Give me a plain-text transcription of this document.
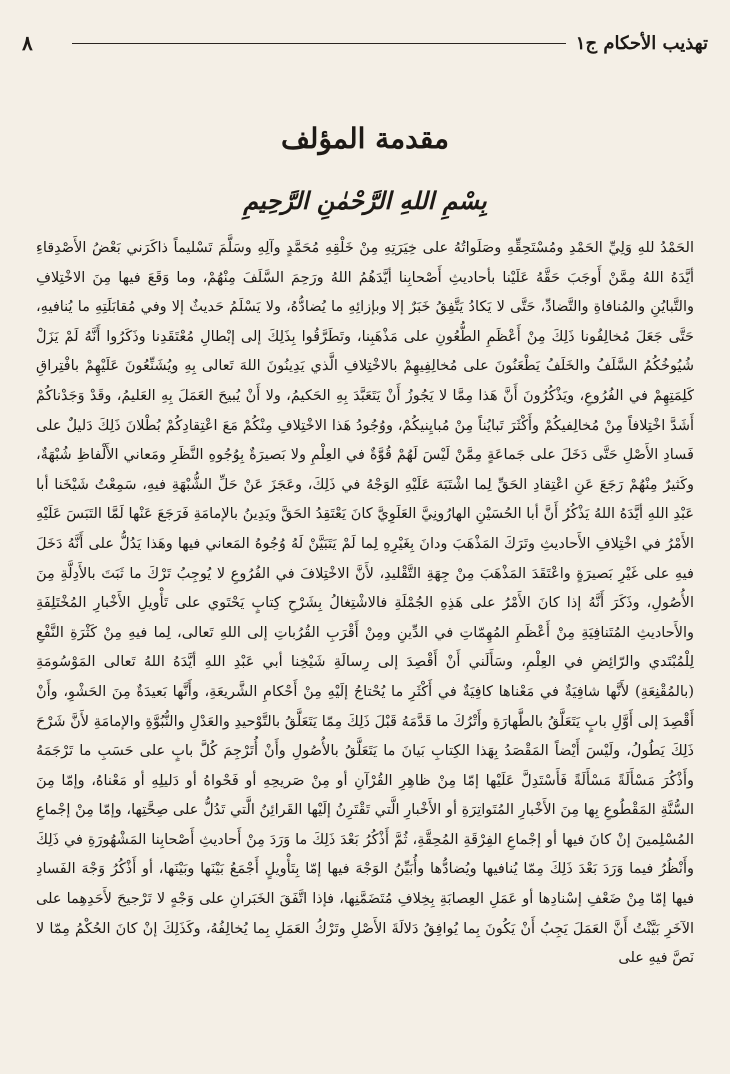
٨	تهذيب الأحكام ج١
مقدمة المؤلف
بِسْمِ اللهِ الرَّحْمٰنِ الرَّحِيمِ

الحَمْدُ للهِ وَلِيِّ الحَمْدِ ومُسْتَحِقِّهِ وصَلَواتُهُ على خِيَرَتِهِ مِنْ خَلْقِهِ مُحَمَّدٍ وآلِهِ وسَلَّمَ تَسْليماً ذاكَرَني بَعْضُ الأَصْدِقاءِ أيَّدَهُ اللهُ مِمَّنْ أَوجَبَ حَقَّهُ عَلَيْنا بأحاديثِ أَصْحابِنا أيَّدَهُمُ اللهُ ورَحِمَ السَّلَفَ مِنْهُمْ، وما وَقَعَ فيها مِنَ الاخْتِلافِ والتَّبايُنِ والمُنافاةِ والتَّضادِّ، حَتَّى لا يَكادُ يَتَّفِقُ خَبَرٌ إلا وبإزائِهِ ما يُضادُّهُ، ولا يَسْلَمُ حَديثٌ إلا وفي مُقابَلَتِهِ ما يُنافيهِ، حَتَّى جَعَلَ مُخالِفُونا ذَلِكَ مِنْ أَعْظَمِ الطُّعُونِ على مَذْهَبِنا، وتَطَرَّقُوا بِذَلِكَ إلى إبْطالِ مُعْتَقَدِنا وذَكَرُوا أَنَّهُ لَمْ يَزَلْ شُيُوخُكُمُ السَّلَفُ والخَلَفُ يَطْعَنُونَ على مُخالِفِيهِمْ بالاخْتِلافِ الَّذي يَدِينُونَ اللهَ تَعالى بِهِ ويُشَنِّعُونَ عَلَيْهِمْ بافْتِراقِ كَلِمَتِهِمْ في الفُرُوعِ، ويَذْكُرُونَ أَنَّ هَذا مِمَّا لا يَجُوزُ أَنْ يَتَعَبَّدَ بِهِ الحَكيمُ، ولا أَنْ يُبيحَ العَمَلَ بِهِ العَليمُ، وقَدْ وَجَدْناكُمْ أَشَدَّ اخْتِلافاً مِنْ مُخالِفيكُمْ وأَكْثَرَ تَبايُناً مِنْ مُبايِنيكُمْ، ووُجُودُ هَذا الاخْتِلافِ مِنْكُمْ مَعَ اعْتِقادِكُمْ بُطْلانَ ذَلِكَ دَليلٌ على فَسادِ الأَصْلِ حَتَّى دَخَلَ على جَماعَةٍ مِمَّنْ لَيْسَ لَهُمْ قُوَّةٌ في العِلْمِ ولا بَصيرَةٌ بِوُجُوهِ النَّظَرِ ومَعاني الأَلْفاظِ شُبْهَةٌ، وكَثيرٌ مِنْهُمْ رَجَعَ عَنِ اعْتِقادِ الحَقِّ لِما اشْتَبَهَ عَلَيْهِ الوَجْهُ في ذَلِكَ، وعَجَزَ عَنْ حَلِّ الشُّبْهَةِ فيهِ، سَمِعْتُ شَيْخَنا أبا عَبْدِ اللهِ أيَّدَهُ اللهُ يَذْكُرُ أَنَّ أبا الحُسَيْنِ الهارُونِيَّ العَلَوِيَّ كانَ يَعْتَقِدُ الحَقَّ ويَدِينُ بالإمامَةِ فَرَجَعَ عَنْها لَمَّا التَبَسَ عَلَيْهِ الأَمْرُ في اخْتِلافِ الأَحاديثِ وتَرَكَ المَذْهَبَ ودانَ بِغَيْرِهِ لِما لَمْ يَتَبَيَّنْ لَهُ وُجُوهُ المَعاني فيها وهَذا يَدُلُّ على أَنَّهُ دَخَلَ فيهِ على غَيْرِ بَصيرَةٍ واعْتَقَدَ المَذْهَبَ مِنْ جِهَةِ التَّقْليدِ، لأَنَّ الاخْتِلافَ في الفُرُوعِ لا يُوجِبُ تَرْكَ ما ثَبَتَ بالأَدِلَّةِ مِنَ الأُصُولِ، وذَكَرَ أَنَّهُ إذا كانَ الأَمْرُ على هَذِهِ الجُمْلَةِ فالاشْتِغالُ بِشَرْحِ كِتابٍ يَحْتَوي على تَأْويلِ الأَخْبارِ المُخْتَلِفَةِ والأَحاديثِ المُتَنافِيَةِ مِنْ أَعْظَمِ المُهِمّاتِ في الدِّينِ ومِنْ أَقْرَبِ القُرُباتِ إلى اللهِ تَعالى، لِما فيهِ مِنْ كَثْرَةِ النَّفْعِ لِلْمُبْتَدي والرّائِضِ في العِلْمِ، وسَأَلَني أَنْ أَقْصِدَ إلى رِسالَةِ شَيْخِنا أبي عَبْدِ اللهِ أيَّدَهُ اللهُ تَعالى المَوْسُومَةِ (بالمُقْنِعَةِ) لأَنَّها شافِيَةٌ في مَعْناها كافِيَةٌ في أَكْثَرِ ما يُحْتاجُ إلَيْهِ مِنْ أَحْكامِ الشَّريعَةِ، وأَنَّها بَعيدَةٌ مِنَ الحَشْوِ، وأَنْ أَقْصِدَ إلى أَوَّلِ بابٍ يَتَعَلَّقُ بالطَّهارَةِ وأَتْرُكَ ما قَدَّمَهُ قَبْلَ ذَلِكَ مِمّا يَتَعَلَّقُ بالتَّوْحيدِ والعَدْلِ والنُّبُوَّةِ والإمامَةِ لأَنَّ شَرْحَ ذَلِكَ يَطُولُ، ولَيْسَ أَيْضاً المَقْصَدُ بِهَذا الكِتابِ بَيانَ ما يَتَعَلَّقُ بالأُصُولِ وأَنْ أُتَرْجِمَ كُلَّ بابٍ على حَسَبِ ما تَرْجَمَهُ وأَذْكُرَ مَسْأَلَةً مَسْأَلَةً فَأَسْتَدِلَّ عَلَيْها إمّا مِنْ ظاهِرِ القُرْآنِ أو مِنْ صَريحِهِ أو فَحْواهُ أو دَليلِهِ أو مَعْناهُ، وإمّا مِنَ السُّنَّةِ المَقْطُوعِ بِها مِنَ الأَخْبارِ المُتَواتِرَةِ أو الأَخْبارِ الَّتي تَقْتَرِنُ إلَيْها القَرائِنُ الَّتي تَدُلُّ على صِحَّتِها، وإمّا مِنْ إجْماعِ المُسْلِمينَ إنْ كانَ فيها أو إجْماعِ الفِرْقَةِ المُحِقَّةِ، ثُمَّ أَذْكُرُ بَعْدَ ذَلِكَ ما وَرَدَ مِنْ أَحاديثِ أَصْحابِنا المَشْهُورَةِ في ذَلِكَ وأَنْظُرُ فيما وَرَدَ بَعْدَ ذَلِكَ مِمّا يُنافيها ويُضادُّها وأُبَيِّنُ الوَجْهَ فيها إمّا بِتَأْويلٍ أَجْمَعُ بَيْنَها وبَيْنَها، أو أَذْكُرُ وَجْهَ الفَسادِ فيها إمّا مِنْ ضَعْفِ إسْنادِها أو عَمَلِ العِصابَةِ بِخِلافِ مُتَضَمَّنِها، فإذا اتَّفَقَ الخَبَرانِ على وَجْهٍ لا تَرْجيحَ لأَحَدِهِما على الآخَرِ بَيَّنْتُ أَنَّ العَمَلَ يَجِبُ أَنْ يَكُونَ بِما يُوافِقُ دَلالَةَ الأَصْلِ وتَرْكُ العَمَلِ بِما يُخالِفُهُ، وكَذَلِكَ إنْ كانَ الحُكْمُ مِمّا لا نَصَّ فيهِ على
